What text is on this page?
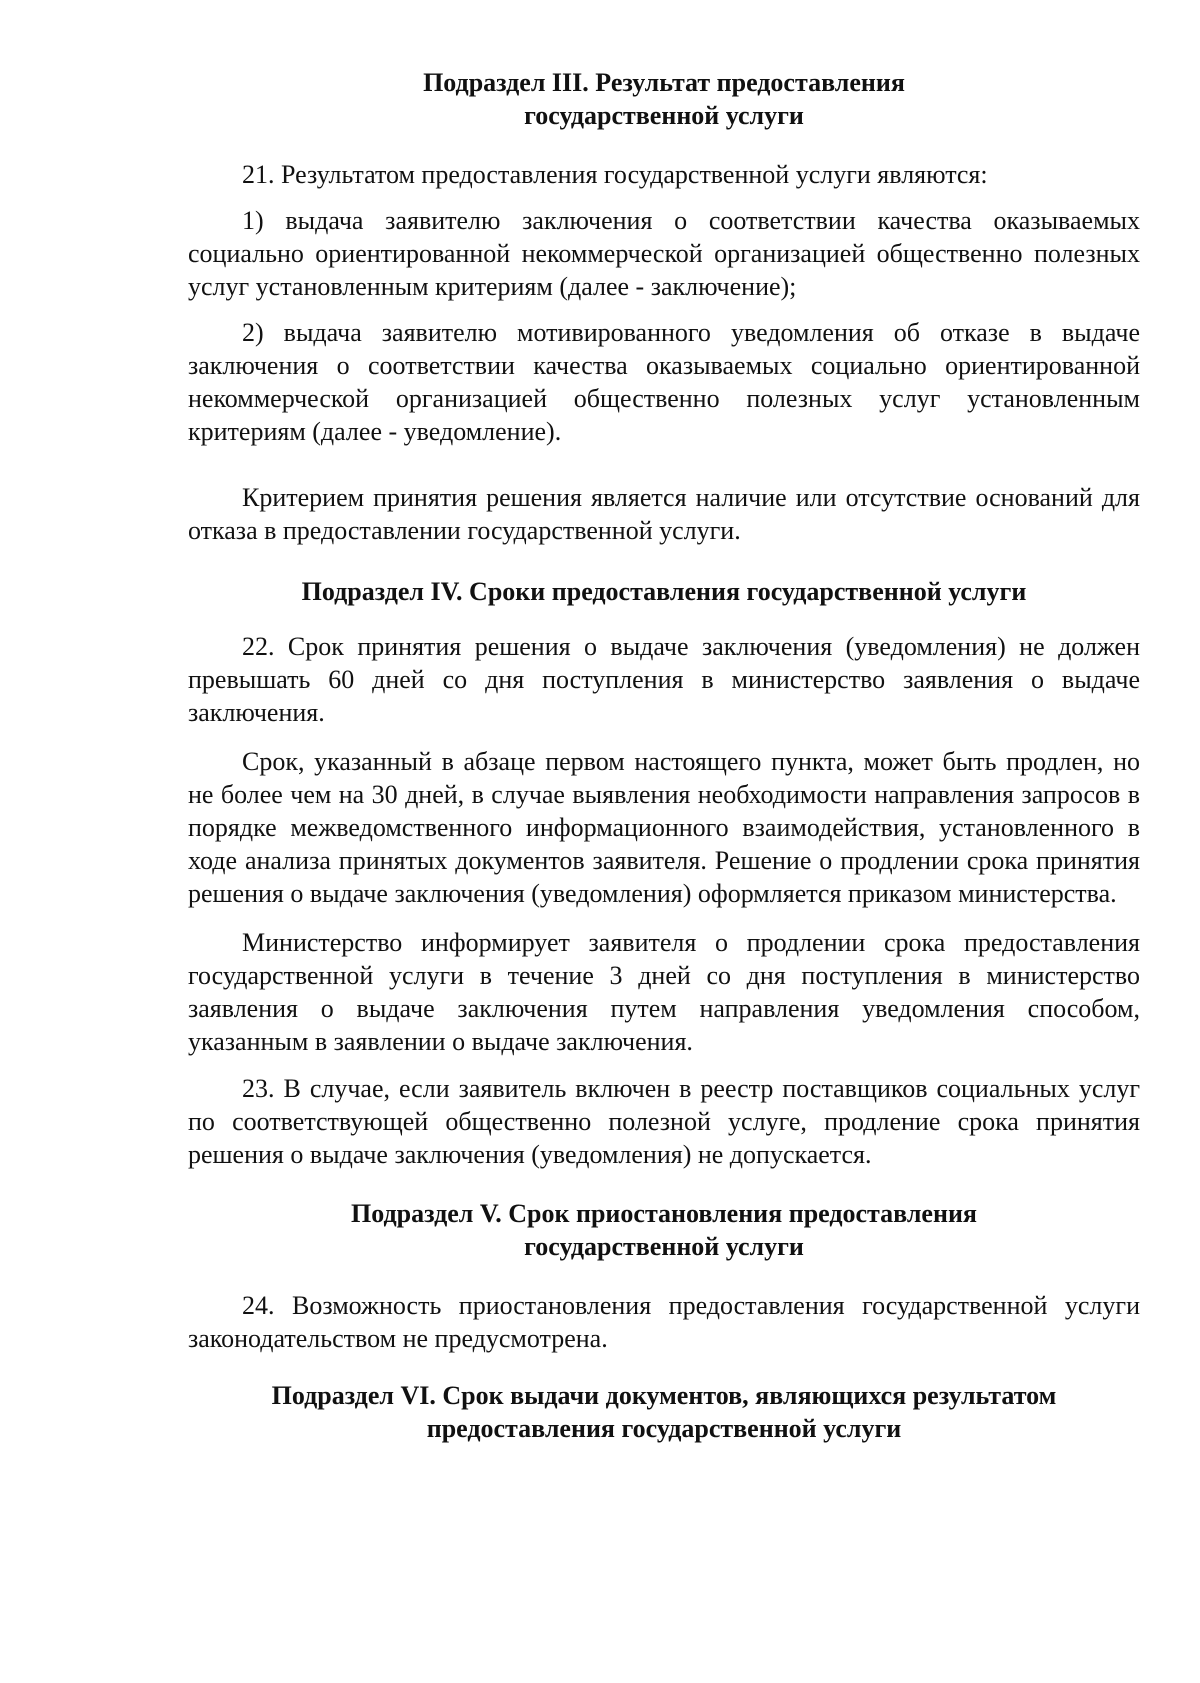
Подраздел III. Результат предоставления
государственной услуги

21. Результатом предоставления государственной услуги являются:

1) выдача заявителю заключения о соответствии качества оказываемых социально ориентированной некоммерческой организацией общественно полезных услуг установленным критериям (далее - заключение);

2) выдача заявителю мотивированного уведомления об отказе в выдаче заключения о соответствии качества оказываемых социально ориентированной некоммерческой организацией общественно полезных услуг установленным критериям (далее - уведомление).

Критерием принятия решения является наличие или отсутствие оснований для отказа в предоставлении государственной услуги.

Подраздел IV. Сроки предоставления государственной услуги

22. Срок принятия решения о выдаче заключения (уведомления) не должен превышать 60 дней со дня поступления в министерство заявления о выдаче заключения.

Срок, указанный в абзаце первом настоящего пункта, может быть продлен, но не более чем на 30 дней, в случае выявления необходимости направления запросов в порядке межведомственного информационного взаимодействия, установленного в ходе анализа принятых документов заявителя. Решение о продлении срока принятия решения о выдаче заключения (уведомления) оформляется приказом министерства.

Министерство информирует заявителя о продлении срока предоставления государственной услуги в течение 3 дней со дня поступления в министерство заявления о выдаче заключения путем направления уведомления способом, указанным в заявлении о выдаче заключения.

23. В случае, если заявитель включен в реестр поставщиков социальных услуг по соответствующей общественно полезной услуге, продление срока принятия решения о выдаче заключения (уведомления) не допускается.

Подраздел V. Срок приостановления предоставления
государственной услуги

24. Возможность приостановления предоставления государственной услуги законодательством не предусмотрена.

Подраздел VI. Срок выдачи документов, являющихся результатом
предоставления государственной услуги
